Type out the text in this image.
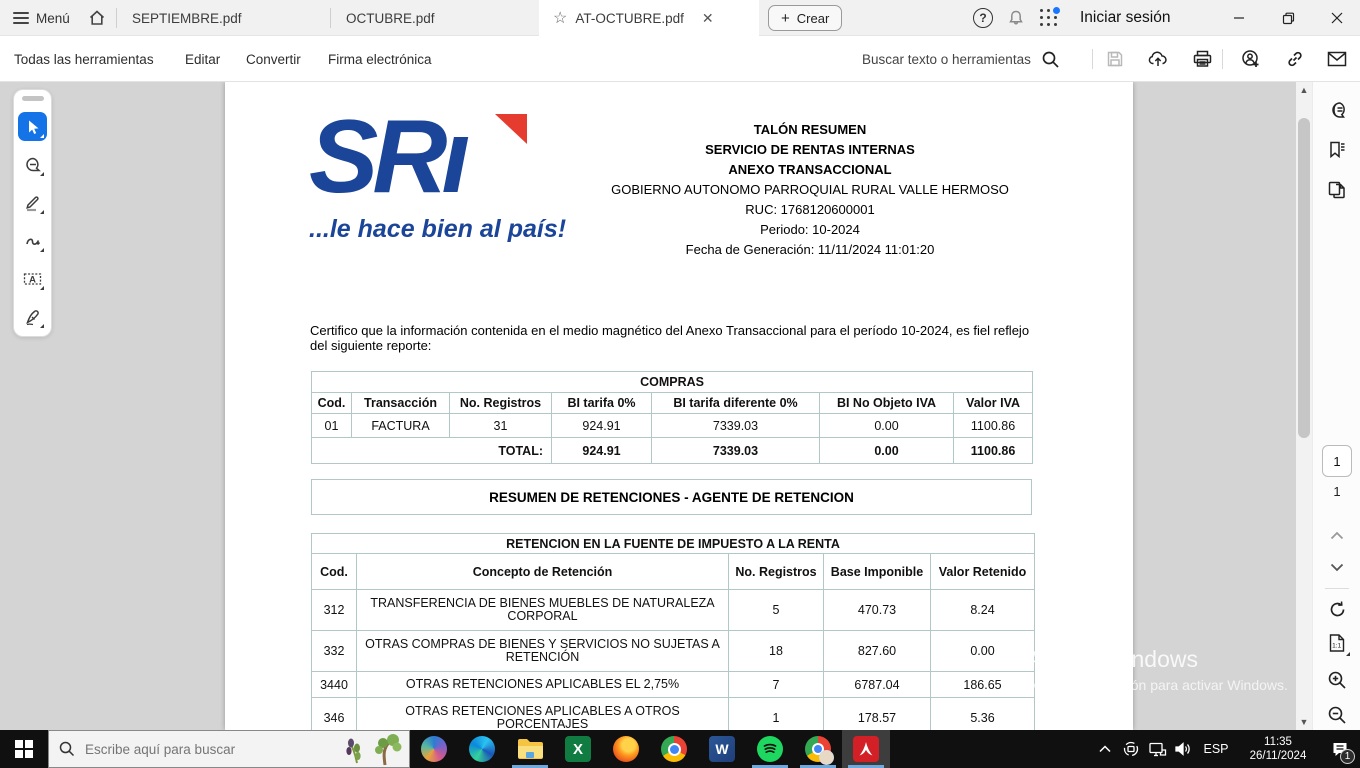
Menú	SEPTIEMBRE.pdf	OCTUBRE.pdf	☆ AT-OCTUBRE.pdf ✕	+ Crear	?	Iniciar sesión
Todas las herramientas Editar Convertir Firma electrónica	Buscar texto o herramientas
A
SRı
...le hace bien al país!
TALÓN RESUMEN
SERVICIO DE RENTAS INTERNAS
ANEXO TRANSACCIONAL
GOBIERNO AUTONOMO PARROQUIAL RURAL VALLE HERMOSO
RUC: 1768120600001
Periodo: 10-2024
Fecha de Generación: 11/11/2024 11:01:20
Certifico que la información contenida en el medio magnético del Anexo Transaccional para el período 10-2024, es fiel reflejo del siguiente reporte:
COMPRAS						
Cod.	Transacción	No. Registros	BI tarifa 0%	BI tarifa diferente 0%	BI No Objeto IVA	Valor IVA
01	FACTURA	31	924.91	7339.03	0.00	1100.86
TOTAL:			924.91	7339.03	0.00	1100.86
RESUMEN DE RETENCIONES - AGENTE DE RETENCION
RETENCION EN LA FUENTE DE IMPUESTO A LA RENTA				
Cod.	Concepto de Retención	No. Registros	Base Imponible	Valor Retenido
312	TRANSFERENCIA DE BIENES MUEBLES DE NATURALEZA CORPORAL	5	470.73	8.24
332	OTRAS COMPRAS DE BIENES Y SERVICIOS NO SUJETAS A RETENCIÓN	18	827.60	0.00
3440	OTRAS RETENCIONES APLICABLES EL 2,75%	7	6787.04	186.65
346	OTRAS RETENCIONES APLICABLES A OTROS PORCENTAJES	1	178.57	5.36
Activar Windows
Ve a Configuración para activar Windows.
▲
▼
1
1
1:1
Escribe aquí para buscar
X	W	ESP	11:35
26/11/2024	1
